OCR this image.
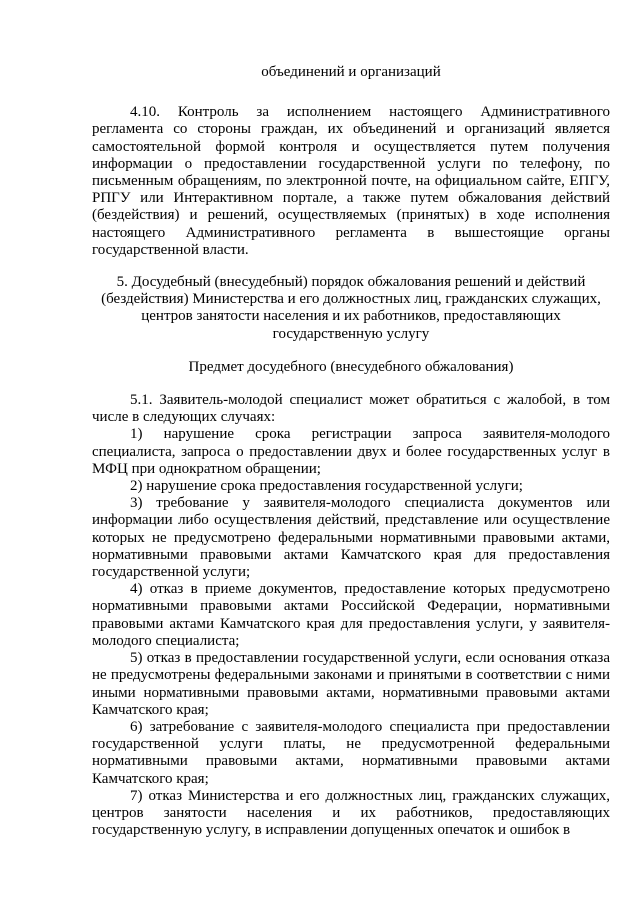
объединений и организаций

4.10. Контроль за исполнением настоящего Административного регламента со стороны граждан, их объединений и организаций является самостоятельной формой контроля и осуществляется путем получения информации о предоставлении государственной услуги по телефону, по письменным обращениям, по электронной почте, на официальном сайте, ЕПГУ, РПГУ или Интерактивном портале, а также путем обжалования действий (бездействия) и решений, осуществляемых (принятых) в ходе исполнения настоящего Административного регламента в вышестоящие органы государственной власти.

5. Досудебный (внесудебный) порядок обжалования решений и действий

(бездействия) Министерства и его должностных лиц, гражданских служащих,

центров занятости населения и их работников, предоставляющих

государственную услугу

Предмет досудебного (внесудебного обжалования)

5.1. Заявитель-молодой специалист может обратиться с жалобой, в том числе в следующих случаях:

1) нарушение срока регистрации запроса заявителя-молодого специалиста, запроса о предоставлении двух и более государственных услуг в МФЦ при однократном обращении;

2) нарушение срока предоставления государственной услуги;

3) требование у заявителя-молодого специалиста документов или информации либо осуществления действий, представление или осуществление которых не предусмотрено федеральными нормативными правовыми актами, нормативными правовыми актами Камчатского края для предоставления государственной услуги;

4) отказ в приеме документов, предоставление которых предусмотрено нормативными правовыми актами Российской Федерации, нормативными правовыми актами Камчатского края для предоставления услуги, у заявителя-молодого специалиста;

5) отказ в предоставлении государственной услуги, если основания отказа не предусмотрены федеральными законами и принятыми в соответствии с ними иными нормативными правовыми актами, нормативными правовыми актами Камчатского края;

6) затребование с заявителя-молодого специалиста при предоставлении государственной услуги платы, не предусмотренной федеральными нормативными правовыми актами, нормативными правовыми актами Камчатского края;

7) отказ Министерства и его должностных лиц, гражданских служащих, центров занятости населения и их работников, предоставляющих государственную услугу, в исправлении допущенных опечаток и ошибок в
